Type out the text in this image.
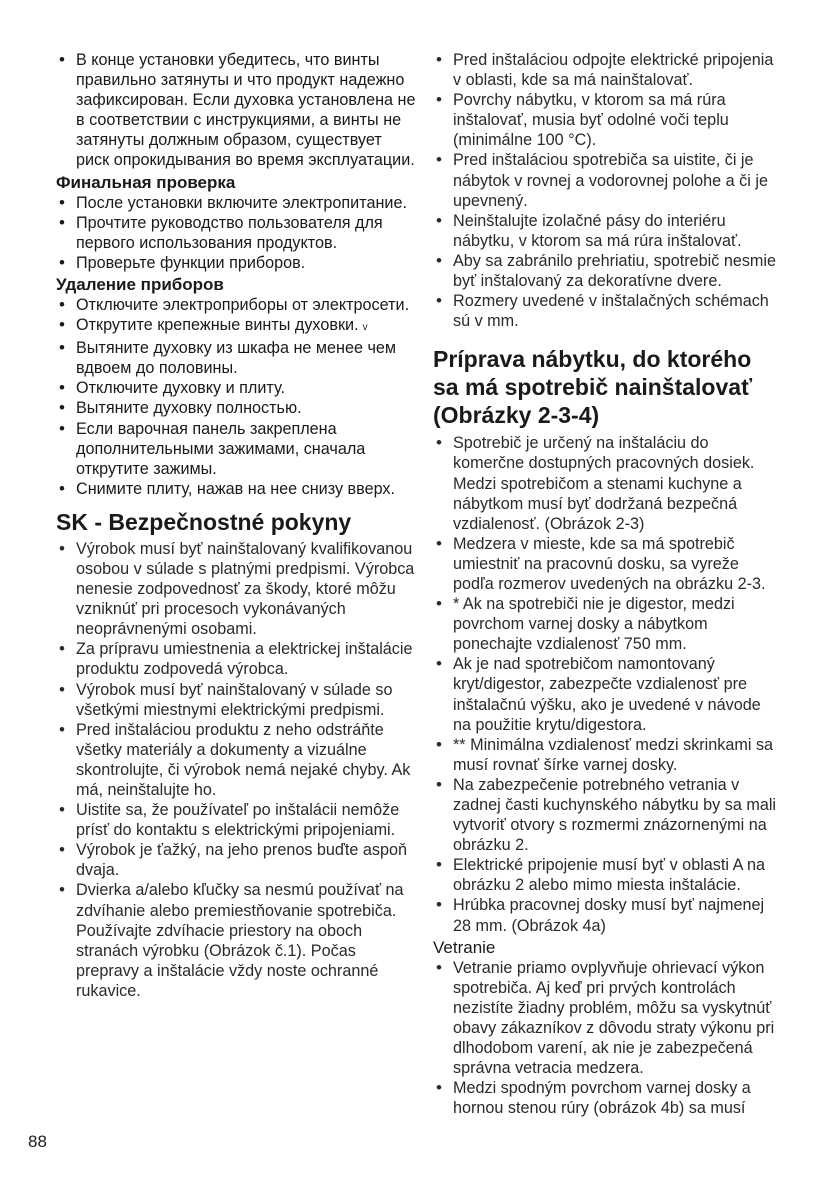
• В конце установки убедитесь, что винты правильно затянуты и что продукт надежно зафиксирован. Если духовка установлена не в соответствии с инструкциями, а винты не затянуты должным образом, существует риск опрокидывания во время эксплуатации.
Финальная проверка
• После установки включите электропитание.
• Прочтите руководство пользователя для первого использования продуктов.
• Проверьте функции приборов.
Удаление приборов
• Отключите электроприборы от электросети.
• Открутите крепежные винты духовки. v
• Вытяните духовку из шкафа не менее чем вдвоем до половины.
• Отключите духовку и плиту.
• Вытяните духовку полностью.
• Если варочная панель закреплена дополнительными зажимами, сначала открутите зажимы.
• Снимите плиту, нажав на нее снизу вверх.
SK - Bezpečnostné pokyny
• Výrobok musí byť nainštalovaný kvalifikovanou osobou v súlade s platnými predpismi. Výrobca nenesie zodpovednosť za škody, ktoré môžu vzniknúť pri procesoch vykonávaných neoprávnenými osobami.
• Za prípravu umiestnenia a elektrickej inštalácie produktu zodpovedá výrobca.
• Výrobok musí byť nainštalovaný v súlade so všetkými miestnymi elektrickými predpismi.
• Pred inštaláciou produktu z neho odstráňte všetky materiály a dokumenty a vizuálne skontrolujte, či výrobok nemá nejaké chyby. Ak má, neinštalujte ho.
• Uistite sa, že používateľ po inštalácii nemôže prísť do kontaktu s elektrickými pripojeniami.
• Výrobok je ťažký, na jeho prenos buďte aspoň dvaja.
• Dvierka a/alebo kľučky sa nesmú používať na zdvíhanie alebo premiestňovanie spotrebiča. Používajte zdvíhacie priestory na oboch stranách výrobku (Obrázok č.1). Počas prepravy a inštalácie vždy noste ochranné rukavice.
• Pred inštaláciou odpojte elektrické pripojenia v oblasti, kde sa má nainštalovať.
• Povrchy nábytku, v ktorom sa má rúra inštalovať, musia byť odolné voči teplu (minimálne 100 °C).
• Pred inštaláciou spotrebiča sa uistite, či je nábytok v rovnej a vodorovnej polohe a či je upevnený.
• Neinštalujte izolačné pásy do interiéru nábytku, v ktorom sa má rúra inštalovať.
• Aby sa zabránilo prehriatiu, spotrebič nesmie byť inštalovaný za dekoratívne dvere.
• Rozmery uvedené v inštalačných schémach sú v mm.
Príprava nábytku, do ktorého sa má spotrebič nainštalovať (Obrázky 2-3-4)
• Spotrebič je určený na inštaláciu do komerčne dostupných pracovných dosiek. Medzi spotrebičom a stenami kuchyne a nábytkom musí byť dodržaná bezpečná vzdialenosť. (Obrázok 2-3)
• Medzera v mieste, kde sa má spotrebič umiestniť na pracovnú dosku, sa vyreže podľa rozmerov uvedených na obrázku 2-3.
• * Ak na spotrebiči nie je digestor, medzi povrchom varnej dosky a nábytkom ponechajte vzdialenosť 750 mm.
• Ak je nad spotrebičom namontovaný kryt/digestor, zabezpečte vzdialenosť pre inštalačnú výšku, ako je uvedené v návode na použitie krytu/digestora.
• ** Minimálna vzdialenosť medzi skrinkami sa musí rovnať šírke varnej dosky.
• Na zabezpečenie potrebného vetrania v zadnej časti kuchynského nábytku by sa mali vytvoriť otvory s rozmermi znázornenými na obrázku 2.
• Elektrické pripojenie musí byť v oblasti A na obrázku 2 alebo mimo miesta inštalácie.
• Hrúbka pracovnej dosky musí byť najmenej 28 mm. (Obrázok 4a)
Vetranie
• Vetranie priamo ovplyvňuje ohrievací výkon spotrebiča. Aj keď pri prvých kontrolách nezistíte žiadny problém, môžu sa vyskytnúť obavy zákazníkov z dôvodu straty výkonu pri dlhodobom varení, ak nie je zabezpečená správna vetracia medzera.
• Medzi spodným povrchom varnej dosky a hornou stenou rúry (obrázok 4b) sa musí
88
